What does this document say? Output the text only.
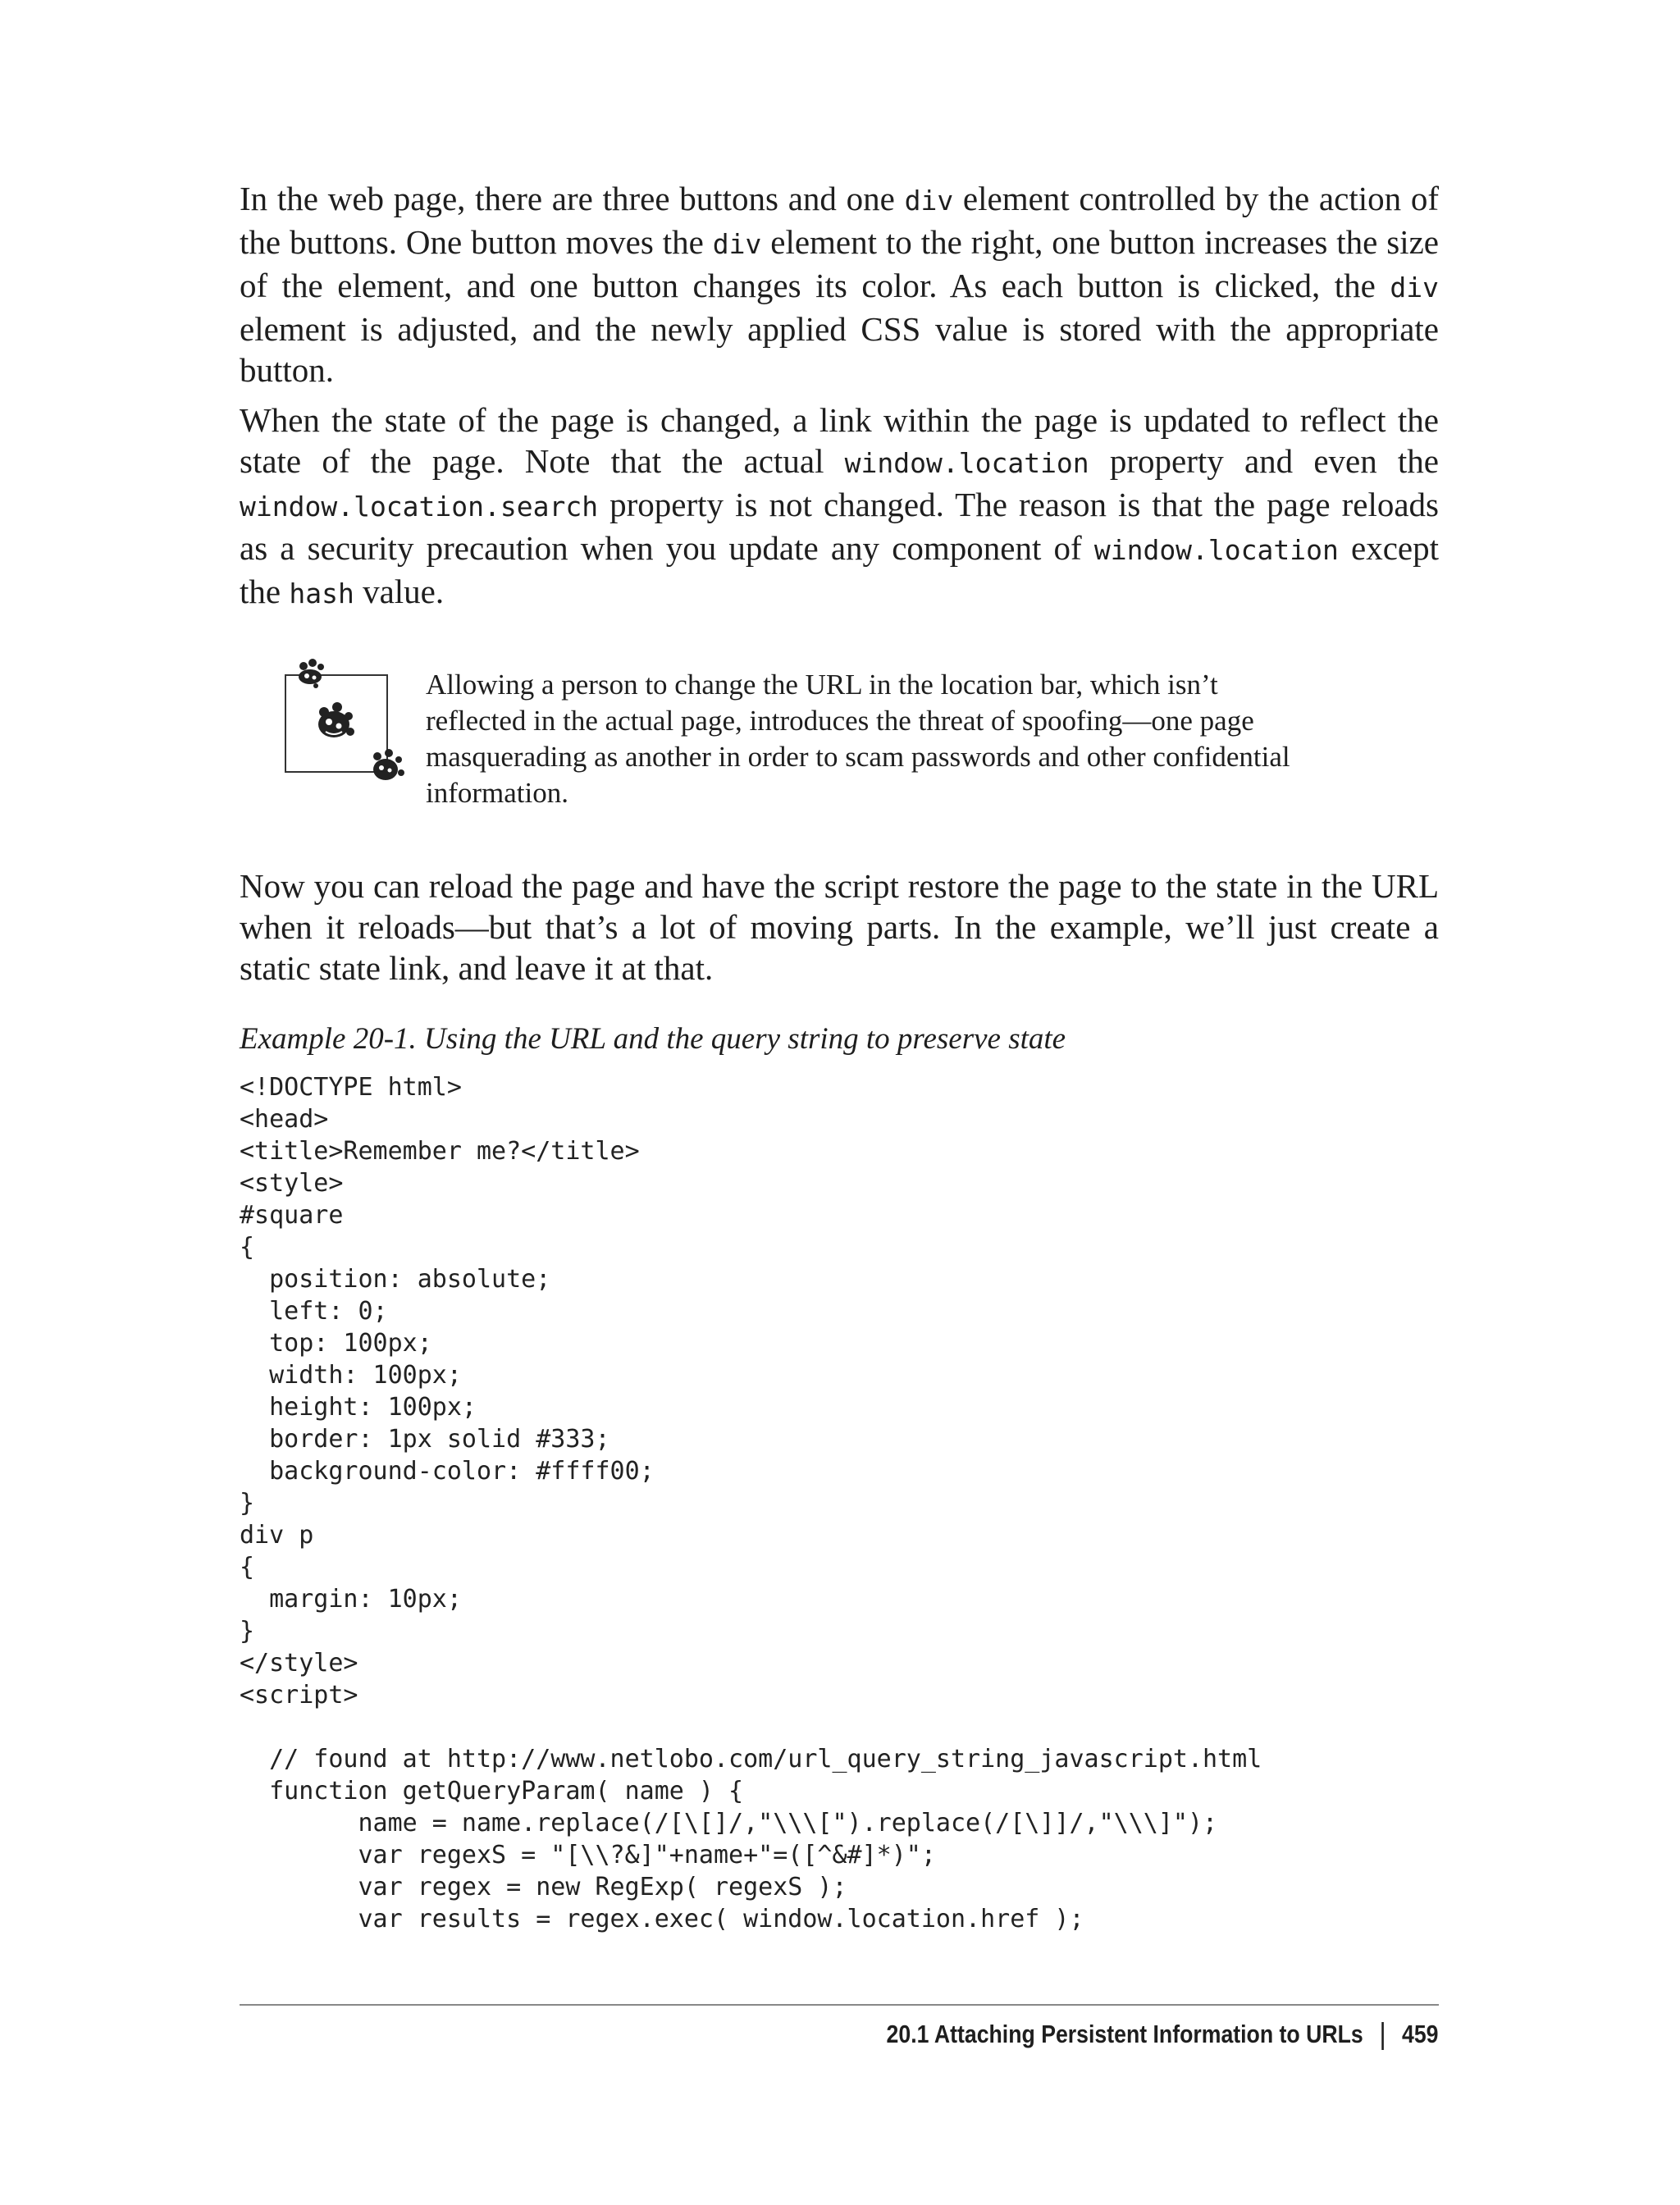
In the web page, there are three buttons and one div element controlled by the action of the buttons. One button moves the div element to the right, one button increases the size of the element, and one button changes its color. As each button is clicked, the div element is adjusted, and the newly applied CSS value is stored with the appropriate button.

When the state of the page is changed, a link within the page is updated to reflect the state of the page. Note that the actual window.location property and even the window.location.search property is not changed. The reason is that the page reloads as a security precaution when you update any component of window.location except the hash value.

Allowing a person to change the URL in the location bar, which isn’t reflected in the actual page, introduces the threat of spoofing—one page masquerading as another in order to scam passwords and other confidential information.

Now you can reload the page and have the script restore the page to the state in the URL when it reloads—but that’s a lot of moving parts. In the example, we’ll just create a static state link, and leave it at that.

Example 20-1. Using the URL and the query string to preserve state

<!DOCTYPE html>
<head>
<title>Remember me?</title>
<style>
#square
{
position: absolute;
left: 0;
top: 100px;
width: 100px;
height: 100px;
border: 1px solid #333;
background-color: #ffff00;
}
div p
{
margin: 10px;
}
</style>
<script>
// found at http://www.netlobo.com/url_query_string_javascript.html
function getQueryParam( name ) {
name = name.replace(/[\[]/,"\\\[").replace(/[\]]/,"\\\]");
var regexS = "[\\?&]"+name+"=([^&#]*)";
var regex = new RegExp( regexS );
var results = regex.exec( window.location.href );
20.1 Attaching Persistent Information to URLs 459
